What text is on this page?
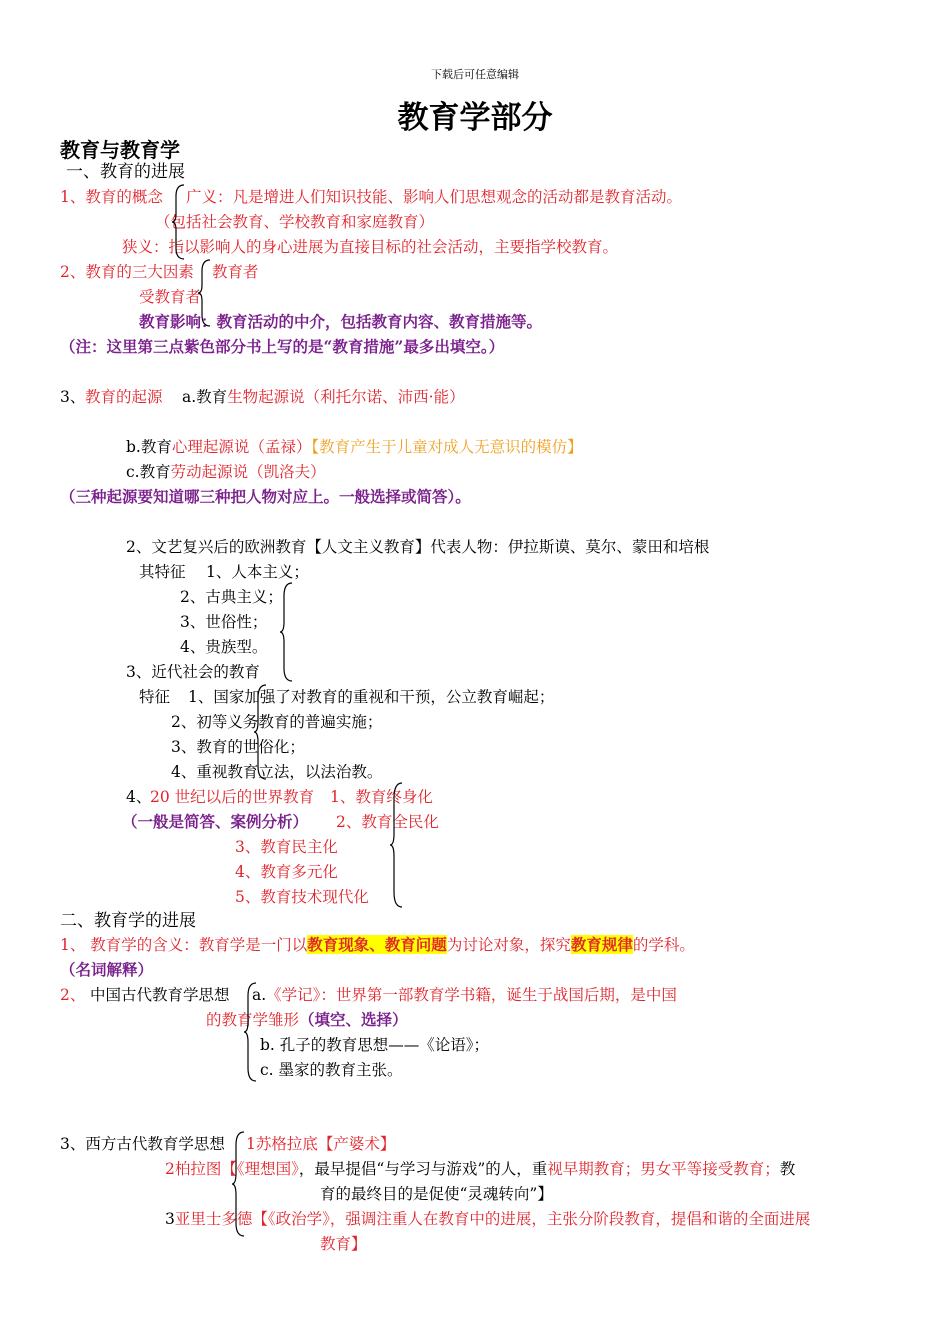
下载后可任意编辑
教育学部分
教育与教育学
一、教育的进展
1、教育的概念 广义：凡是增进人们知识技能、影响人们思想观念的活动都是教育活动。
（包括社会教育、学校教育和家庭教育）
狭义：指以影响人的身心进展为直接目标的社会活动，主要指学校教育。
2、教育的三大因素 教育者
受教育者
教育影响：教育活动的中介，包括教育内容、教育措施等。
（注：这里第三点紫色部分书上写的是“教育措施”最多出填空。）
3、 教育的起源 a.教育生物起源说（利托尔诺、沛西·能）
b.教育心理起源说（孟禄）【教育产生于儿童对成人无意识的模仿】
c.教育劳动起源说（凯洛夫）
（三种起源要知道哪三种把人物对应上。一般选择或简答）。
2、文艺复兴后的欧洲教育【人文主义教育】代表人物：伊拉斯谟、莫尔、蒙田和培根
其特征 1、人本主义；
2、古典主义；
3、世俗性；
4、贵族型。
3、近代社会的教育
特征 1、国家加强了对教育的重视和干预，公立教育崛起；
2、初等义务教育的普遍实施；
3、教育的世俗化；
4、重视教育立法，以法治教。
4、
20 世纪以后的世界教育 1、教育终身化
（一般是简答、案例分析） 2、教育全民化
3、教育民主化
4、教育多元化
5、教育技术现代化
二、教育学的进展
1、 教育学的含义：教育学是一门以教育现象、教育问题为讨论对象，探究教育规律的学科。
（名词解释）
2、 中国古代教育学思想 a.《学记》：世界第一部教育学书籍，诞生于战国后期，是中国
的教育学雏形（填空、选择）
b. 孔子的教育思想——《论语》；
c. 墨家的教育主张。
3、西方古代教育学思想 1苏格拉底【产婆术】
2柏拉图【《理想国》，最早提倡“与学习与游戏”的人，重视早期教育；男女平等接受教育；教
育的最终目的是促使“灵魂转向”】
3亚里士多德【《政治学》，强调注重人在教育中的进展，主张分阶段教育，提倡和谐的全面进展
教育】
